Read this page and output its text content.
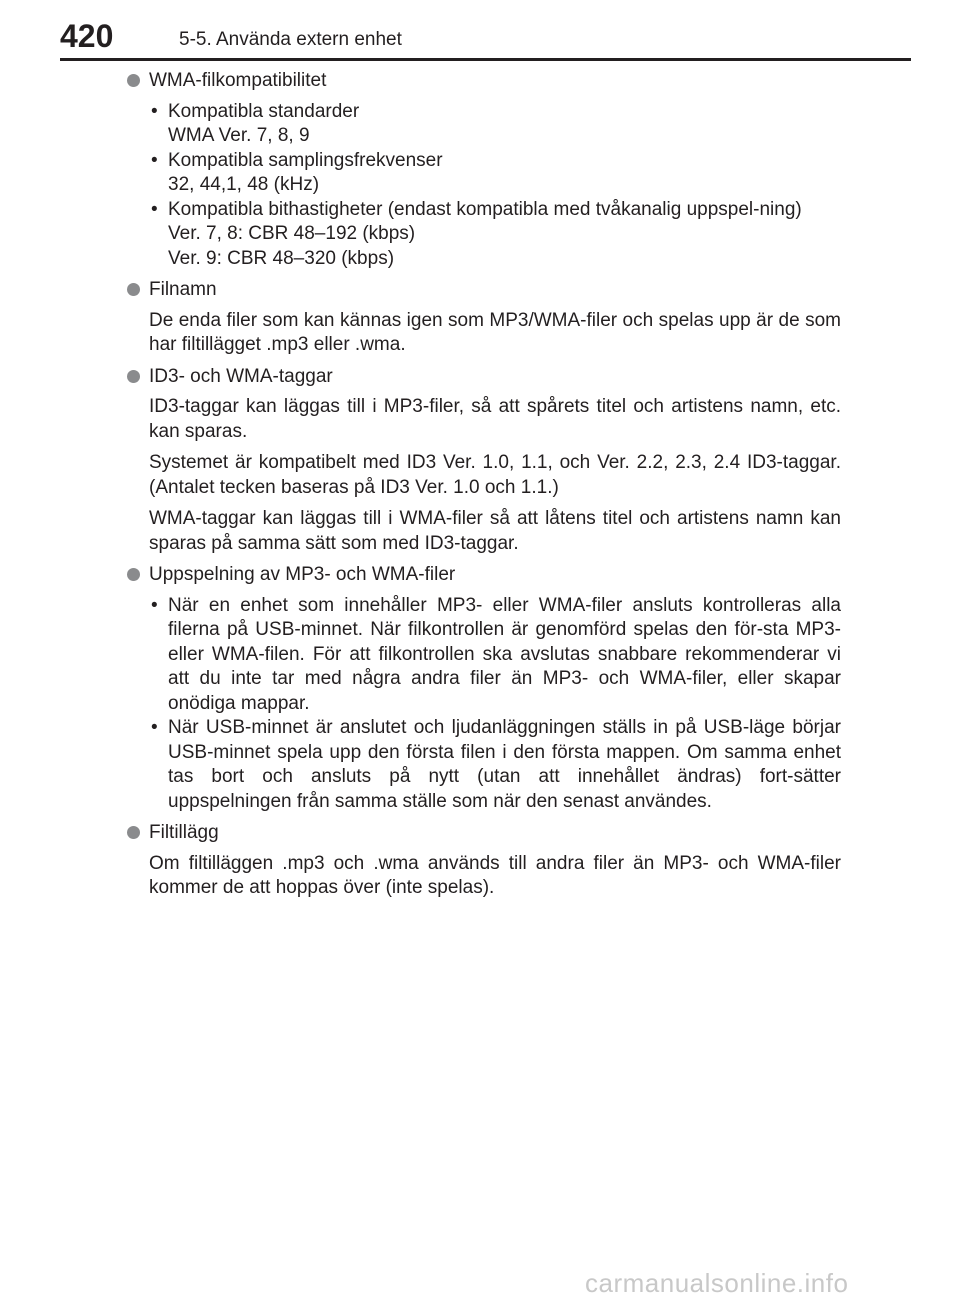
420	5-5. Använda extern enhet
WMA-filkompatibilitet
• Kompatibla standarder
WMA Ver. 7, 8, 9
• Kompatibla samplingsfrekvenser
32, 44,1, 48 (kHz)
• Kompatibla bithastigheter (endast kompatibla med tvåkanalig uppspel-ning)
Ver. 7, 8: CBR 48–192 (kbps)
Ver. 9: CBR 48–320 (kbps)
Filnamn
De enda filer som kan kännas igen som MP3/WMA-filer och spelas upp är de som har filtillägget .mp3 eller .wma.
ID3- och WMA-taggar
ID3-taggar kan läggas till i MP3-filer, så att spårets titel och artistens namn, etc. kan sparas.
Systemet är kompatibelt med ID3 Ver. 1.0, 1.1, och Ver. 2.2, 2.3, 2.4 ID3-taggar. (Antalet tecken baseras på ID3 Ver. 1.0 och 1.1.)
WMA-taggar kan läggas till i WMA-filer så att låtens titel och artistens namn kan sparas på samma sätt som med ID3-taggar.
Uppspelning av MP3- och WMA-filer
• När en enhet som innehåller MP3- eller WMA-filer ansluts kontrolleras alla filerna på USB-minnet. När filkontrollen är genomförd spelas den för-sta MP3- eller WMA-filen. För att filkontrollen ska avslutas snabbare rekommenderar vi att du inte tar med några andra filer än MP3- och WMA-filer, eller skapar onödiga mappar.
• När USB-minnet är anslutet och ljudanläggningen ställs in på USB-läge börjar USB-minnet spela upp den första filen i den första mappen. Om samma enhet tas bort och ansluts på nytt (utan att innehållet ändras) fort-sätter uppspelningen från samma ställe som när den senast användes.
Filtillägg
Om filtilläggen .mp3 och .wma används till andra filer än MP3- och WMA-filer kommer de att hoppas över (inte spelas).
carmanualsonline.info
